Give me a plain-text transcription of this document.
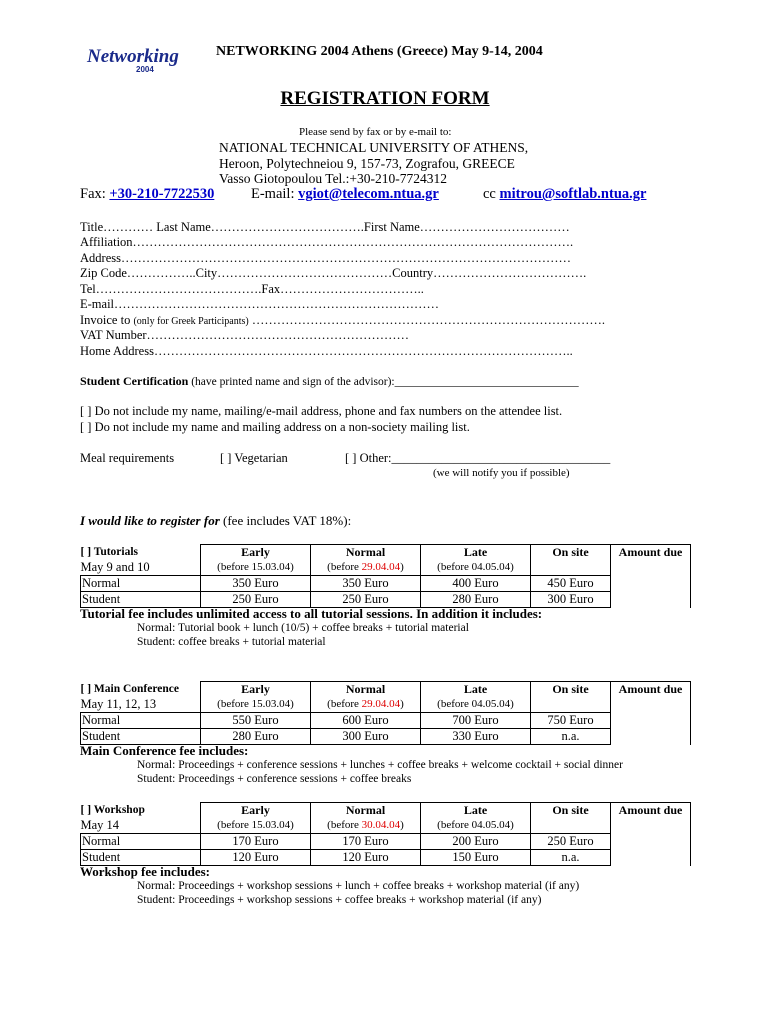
Networking
2004
NETWORKING 2004 Athens (Greece) May 9-14, 2004
REGISTRATION FORM
Please send by fax or by e-mail to:
NATIONAL TECHNICAL UNIVERSITY OF ATHENS,
Heroon, Polytechneiou 9, 157-73, Zografou, GREECE
Vasso Giotopoulou Tel.:+30-210-7724312
Fax: +30-210-7722530	E-mail: vgiot@telecom.ntua.gr	cc mitrou@softlab.ntua.gr
Title………… Last Name……………………………….First Name………………………………
Affiliation…………………………………………………………………………………………….
Address………………………………………………………………………………………………
Zip Code……………..City……………………………………Country……………………………….
Tel………………………………….Fax……………………………..
E-mail……………………………………………………………………
Invoice to (only for Greek Participants) ………………………………………………………………………….
VAT Number………………………………………………………
Home Address………………………………………………………………………………………..
Student Certification (have printed name and sign of the advisor):________________________________
[ ] Do not include my name, mailing/e-mail address, phone and fax numbers on the attendee list.
[ ] Do not include my name and mailing address on a non-society mailing list.
Meal requirements	[ ] Vegetarian	[ ] Other:___________________________________
(we will notify you if possible)
I would like to register for (fee includes VAT 18%):
[ ] Tutorials	Early	Normal	Late	On site	Amount due
May 9 and 10	(before 15.03.04)	(before 29.04.04)	(before 04.05.04)		
Normal	350 Euro	350 Euro	400 Euro	450 Euro	
Student	250 Euro	250 Euro	280 Euro	300 Euro	
Tutorial fee includes unlimited access to all tutorial sessions. In addition it includes:
Normal: Tutorial book + lunch (10/5) + coffee breaks + tutorial material
Student: coffee breaks + tutorial material
[ ] Main Conference	Early	Normal	Late	On site	Amount due
May 11, 12, 13	(before 15.03.04)	(before 29.04.04)	(before 04.05.04)		
Normal	550 Euro	600 Euro	700 Euro	750 Euro	
Student	280 Euro	300 Euro	330 Euro	n.a.	
Main Conference fee includes:
Normal: Proceedings + conference sessions + lunches + coffee breaks + welcome cocktail + social dinner
Student: Proceedings + conference sessions + coffee breaks
[ ] Workshop	Early	Normal	Late	On site	Amount due
May 14	(before 15.03.04)	(before 30.04.04)	(before 04.05.04)		
Normal	170 Euro	170 Euro	200 Euro	250 Euro	
Student	120 Euro	120 Euro	150 Euro	n.a.	
Workshop fee includes:
Normal: Proceedings + workshop sessions + lunch + coffee breaks + workshop material (if any)
Student: Proceedings + workshop sessions + coffee breaks + workshop material (if any)
